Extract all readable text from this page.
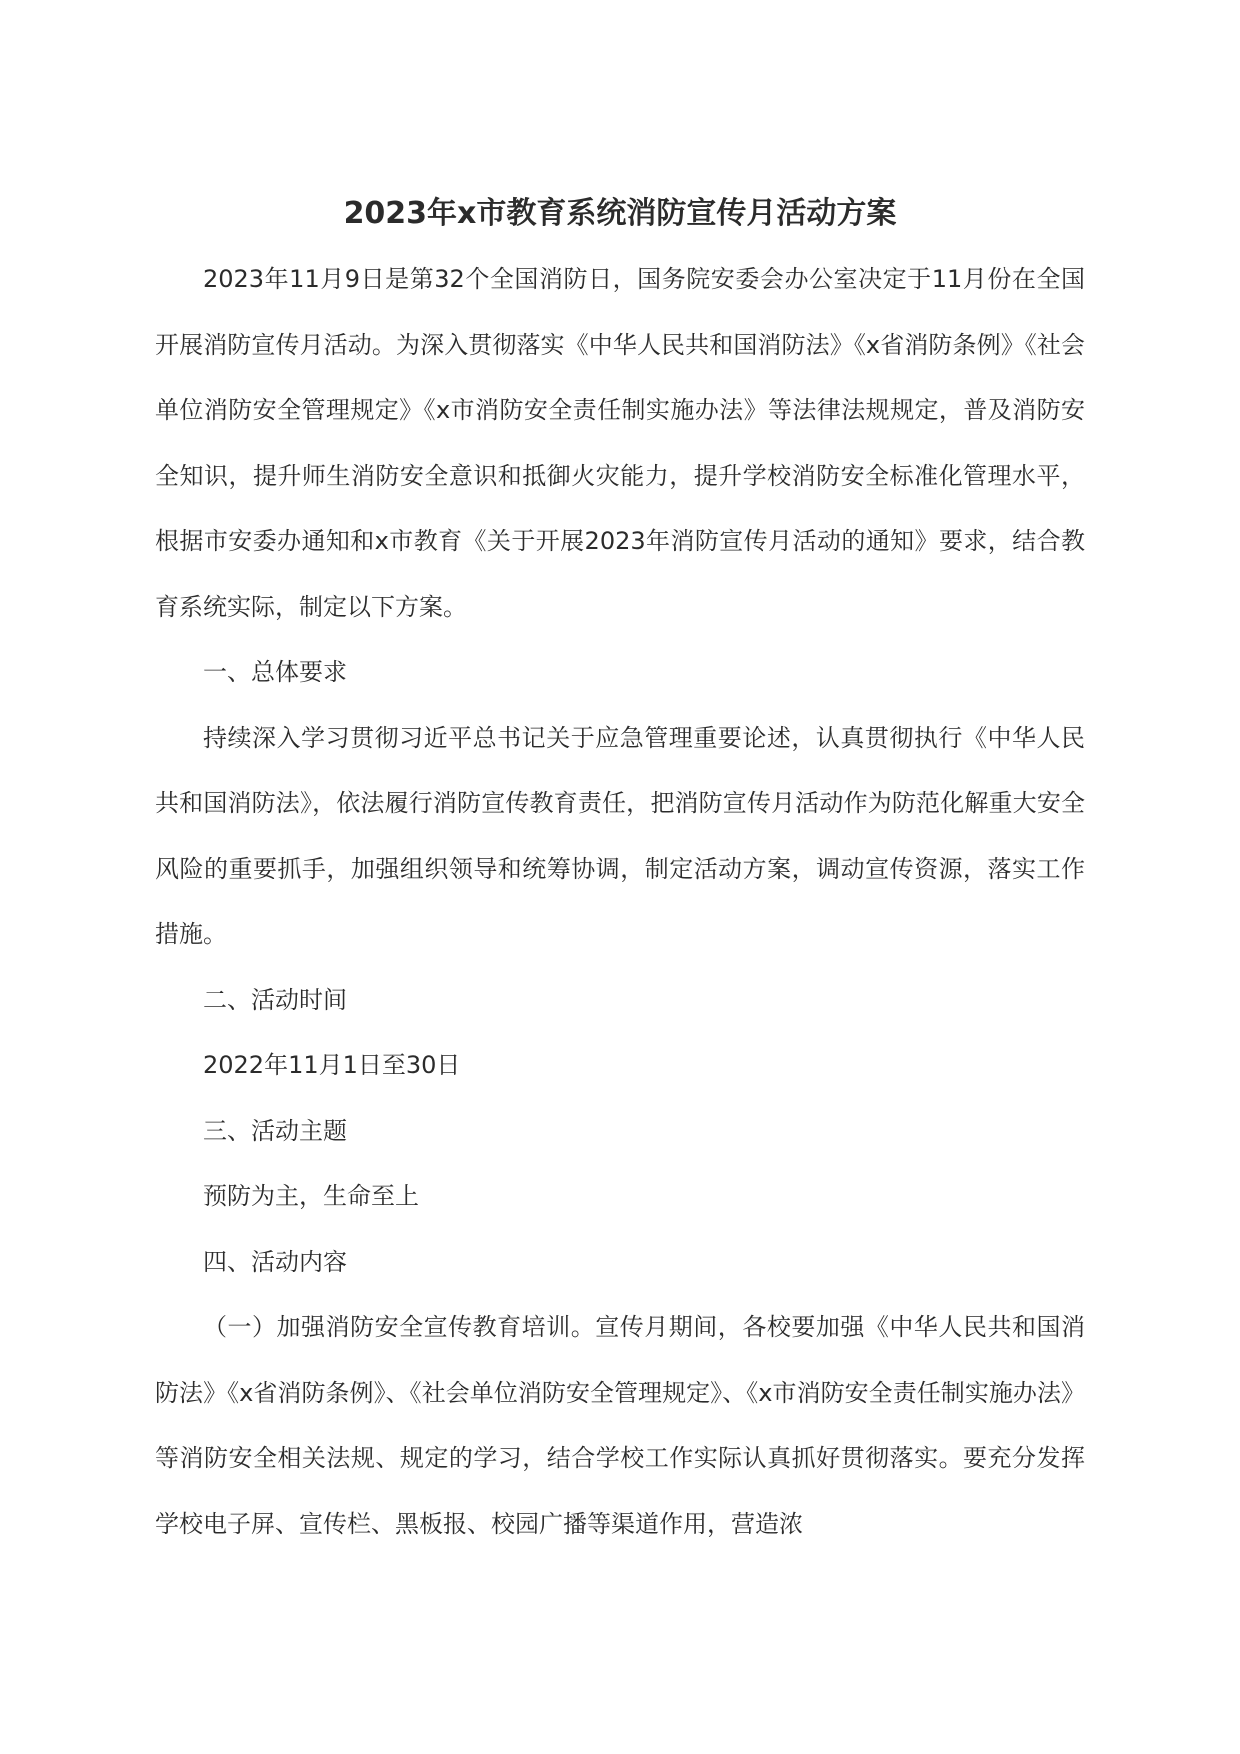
2023年x市教育系统消防宣传月活动方案

2023年11月9日是第32个全国消防日，国务院安委会办公室决定于11月份在全国开展消防宣传月活动。为深入贯彻落实《中华人民共和国消防法》《x省消防条例》《社会单位消防安全管理规定》《x市消防安全责任制实施办法》等法律法规规定，普及消防安全知识，提升师生消防安全意识和抵御火灾能力，提升学校消防安全标准化管理水平，根据市安委办通知和x市教育《关于开展2023年消防宣传月活动的通知》要求，结合教育系统实际，制定以下方案。

一、总体要求

持续深入学习贯彻习近平总书记关于应急管理重要论述，认真贯彻执行《中华人民共和国消防法》，依法履行消防宣传教育责任，把消防宣传月活动作为防范化解重大安全风险的重要抓手，加强组织领导和统筹协调，制定活动方案，调动宣传资源，落实工作措施。

二、活动时间

2022年11月1日至30日

三、活动主题

预防为主，生命至上

四、活动内容

（一）加强消防安全宣传教育培训。宣传月期间，各校要加强《中华人民共和国消防法》《x省消防条例》、《社会单位消防安全管理规定》、《x市消防安全责任制实施办法》等消防安全相关法规、规定的学习，结合学校工作实际认真抓好贯彻落实。要充分发挥学校电子屏、宣传栏、黑板报、校园广播等渠道作用，营造浓
